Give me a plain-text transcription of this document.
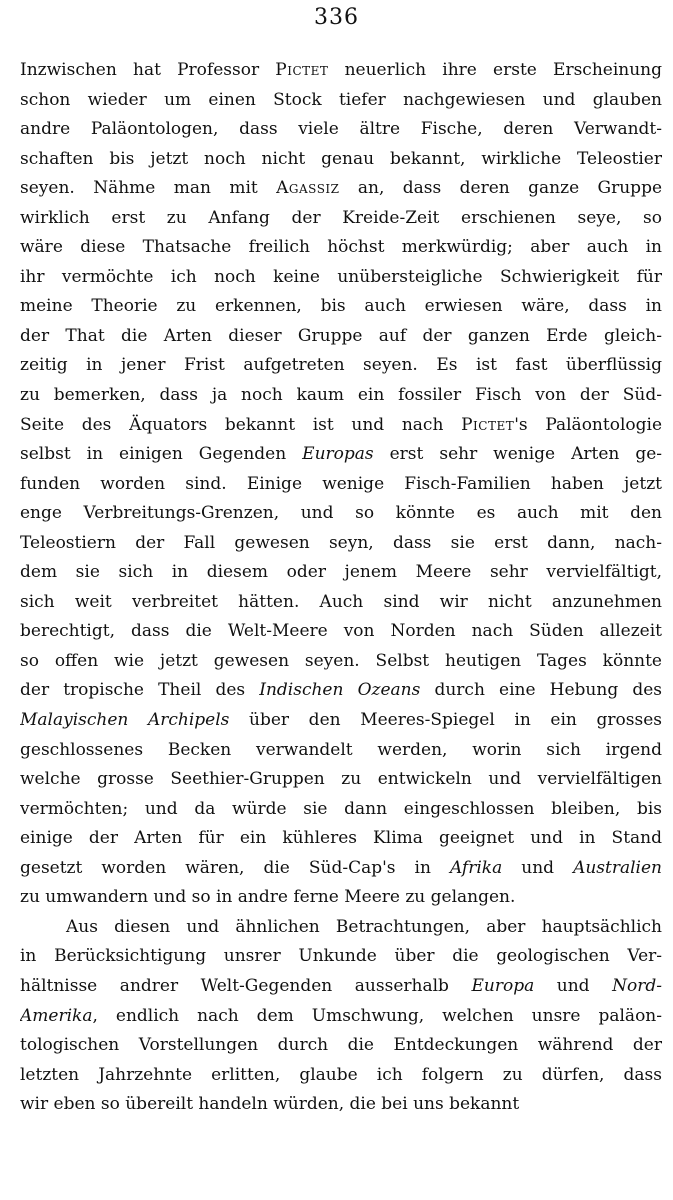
336
Inzwischen hat Professor Pictet neuerlich ihre erste Erscheinung
schon wieder um einen Stock tiefer nachgewiesen und glauben
andre Paläontologen, dass viele ältre Fische, deren Verwandt-
schaften bis jetzt noch nicht genau bekannt, wirkliche Teleostier
seyen. Nähme man mit Agassiz an, dass deren ganze Gruppe
wirklich erst zu Anfang der Kreide-Zeit erschienen seye, so
wäre diese Thatsache freilich höchst merkwürdig; aber auch in
ihr vermöchte ich noch keine unübersteigliche Schwierigkeit für
meine Theorie zu erkennen, bis auch erwiesen wäre, dass in
der That die Arten dieser Gruppe auf der ganzen Erde gleich-
zeitig in jener Frist aufgetreten seyen. Es ist fast überflüssig
zu bemerken, dass ja noch kaum ein fossiler Fisch von der Süd-
Seite des Äquators bekannt ist und nach Pictet's Paläontologie
selbst in einigen Gegenden Europas erst sehr wenige Arten ge-
funden worden sind. Einige wenige Fisch-Familien haben jetzt
enge Verbreitungs-Grenzen, und so könnte es auch mit den
Teleostiern der Fall gewesen seyn, dass sie erst dann, nach-
dem sie sich in diesem oder jenem Meere sehr vervielfältigt,
sich weit verbreitet hätten. Auch sind wir nicht anzunehmen
berechtigt, dass die Welt-Meere von Norden nach Süden allezeit
so offen wie jetzt gewesen seyen. Selbst heutigen Tages könnte
der tropische Theil des Indischen Ozeans durch eine Hebung des
Malayischen Archipels über den Meeres-Spiegel in ein grosses
geschlossenes Becken verwandelt werden, worin sich irgend
welche grosse Seethier-Gruppen zu entwickeln und vervielfältigen
vermöchten; und da würde sie dann eingeschlossen bleiben, bis
einige der Arten für ein kühleres Klima geeignet und in Stand
gesetzt worden wären, die Süd-Cap's in Afrika und Australien
zu umwandern und so in andre ferne Meere zu gelangen.
Aus diesen und ähnlichen Betrachtungen, aber hauptsächlich
in Berücksichtigung unsrer Unkunde über die geologischen Ver-
hältnisse andrer Welt-Gegenden ausserhalb Europa und Nord-
Amerika, endlich nach dem Umschwung, welchen unsre paläon-
tologischen Vorstellungen durch die Entdeckungen während der
letzten Jahrzehnte erlitten, glaube ich folgern zu dürfen, dass
wir eben so übereilt handeln würden, die bei uns bekannt
